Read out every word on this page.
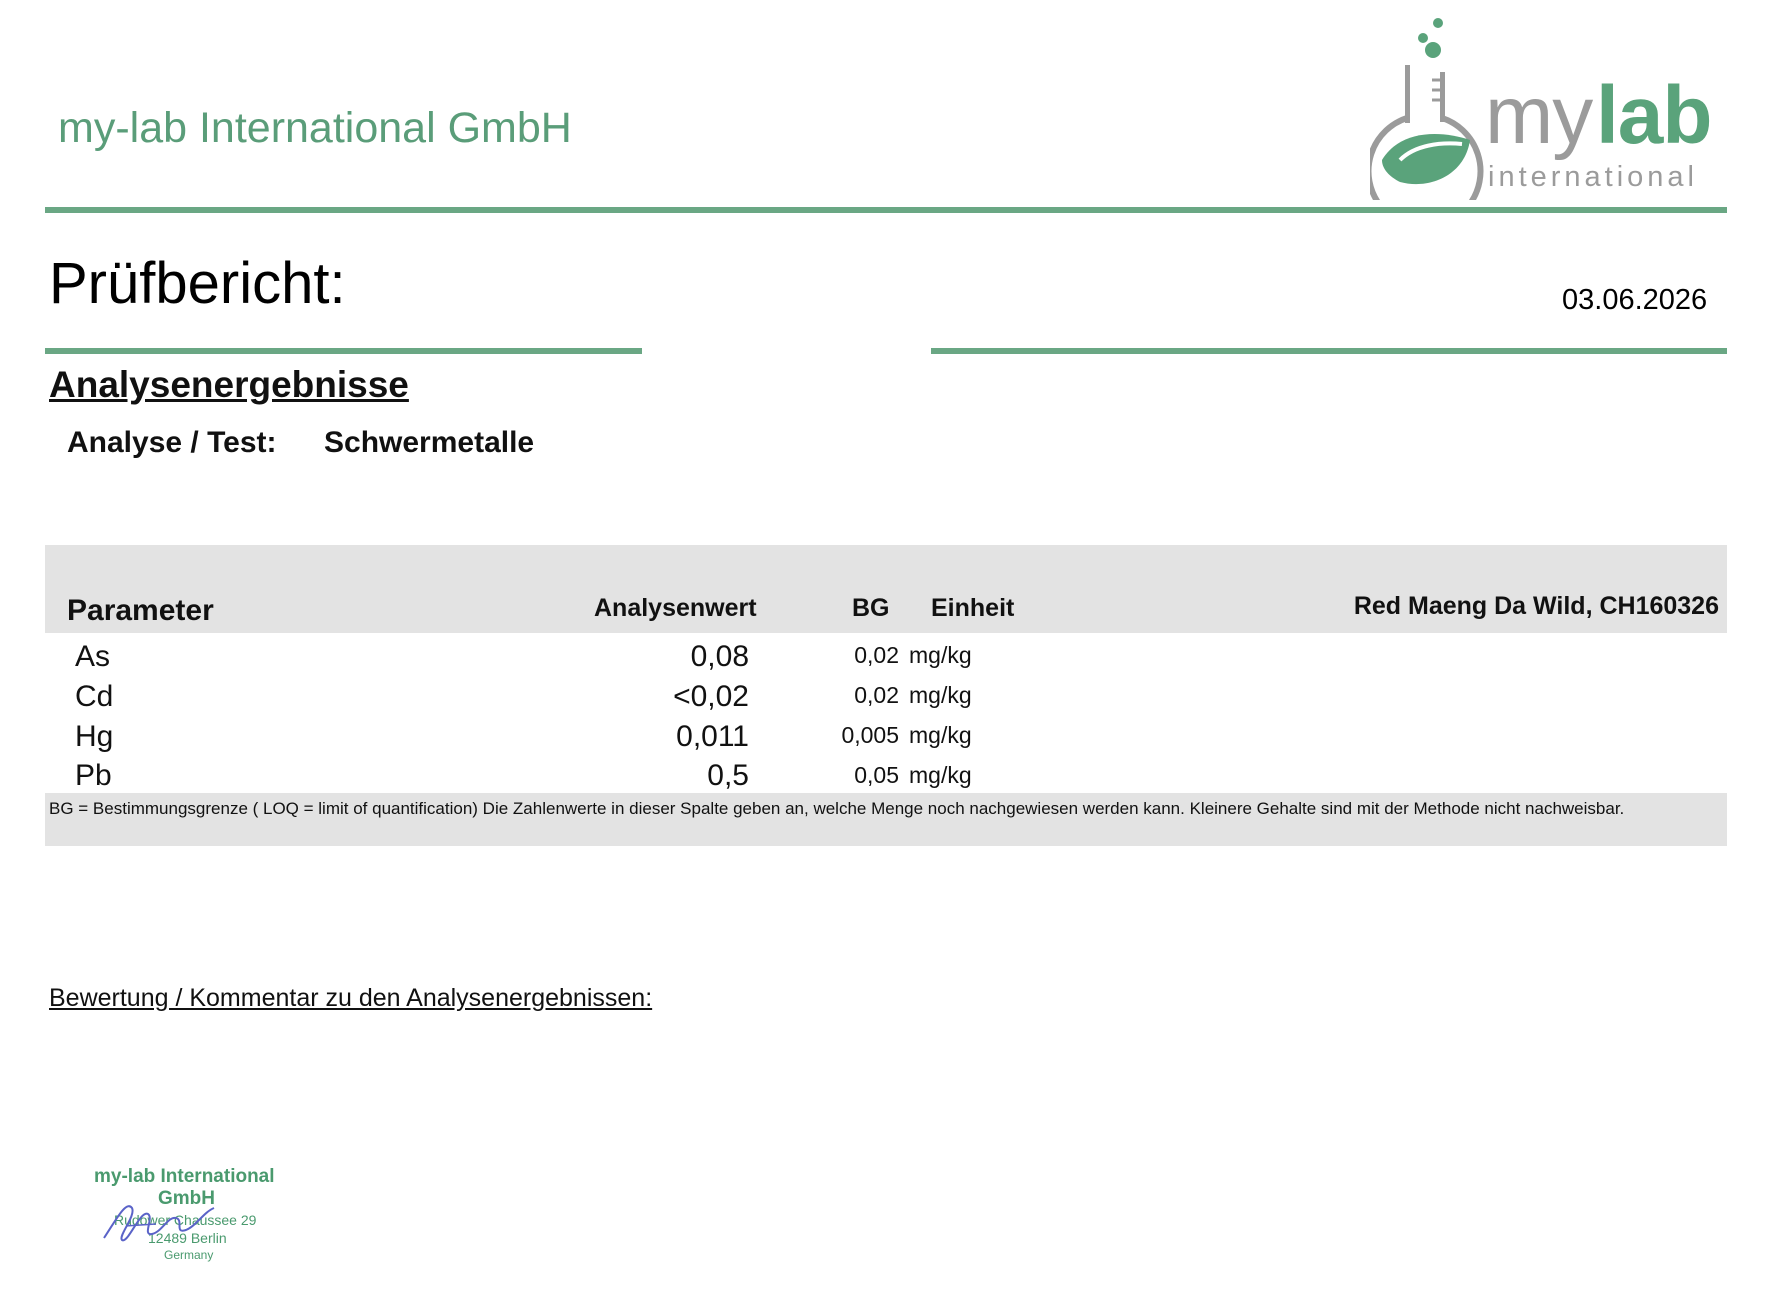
my-lab International GmbH	my lab
international
Prüfbericht:	03.06.2026
Analysenergebnisse
Analyse / Test: Schwermetalle
Parameter	Analysenwert	BG Einheit	Red Maeng Da Wild, CH160326
As	0,08	0,02 mg/kg
Cd	<0,02	0,02 mg/kg
Hg	0,011	0,005 mg/kg
Pb	0,5	0,05 mg/kg
BG = Bestimmungsgrenze ( LOQ = limit of quantification) Die Zahlenwerte in dieser Spalte geben an, welche Menge noch nachgewiesen werden kann. Kleinere Gehalte sind mit der Methode nicht nachweisbar.
Bewertung / Kommentar zu den Analysenergebnissen:
my-lab International
GmbH
Rudower Chaussee 29
12489 Berlin
Germany
